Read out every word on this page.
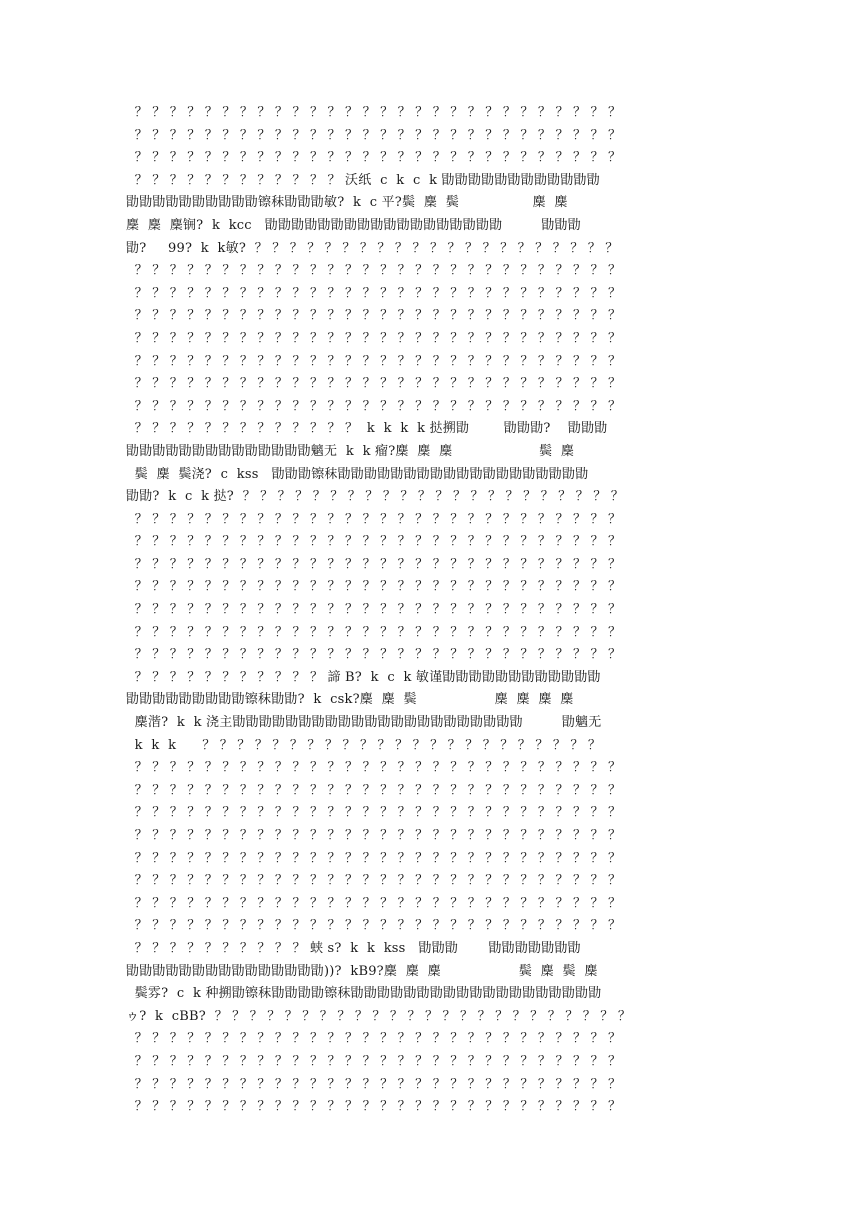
？ ？ ？ ？ ？ ？ ？ ？ ？ ？ ？ ？ ？ ？ ？ ？ ？ ？ ？ ？ ？ ？ ？ ？ ？ ？ ？ ？
？ ？ ？ ？ ？ ？ ？ ？ ？ ？ ？ ？ ？ ？ ？ ？ ？ ？ ？ ？ ？ ？ ？ ？ ？ ？ ？ ？
？ ？ ？ ？ ？ ？ ？ ？ ？ ？ ？ ？ ？ ？ ？ ？ ？ ？ ？ ？ ？ ？ ？ ？ ？ ？ ？ ？
？ ？ ？ ？ ？ ？ ？ ？ ？ ？ ？ ？ 沃纸  c  k  c  k 勖勖勖勖勖勖勖勖勖勖勖勖
勖勖勖勖勖勖勖勖勖勖镲秣勖勖勖敏?  k  c 平?鬓  麇  鬓                 麇  麇
麇  麇  麇锎?  k  kcc   勖勖勖勖勖勖勖勖勖勖勖勖勖勖勖勖勖勖         勖勖勖
勖?     99?  k  k敏?  ？ ？ ？ ？ ？ ？ ？ ？ ？ ？ ？ ？ ？ ？ ？ ？ ？ ？ ？ ？ ？
？ ？ ？ ？ ？ ？ ？ ？ ？ ？ ？ ？ ？ ？ ？ ？ ？ ？ ？ ？ ？ ？ ？ ？ ？ ？ ？ ？
？ ？ ？ ？ ？ ？ ？ ？ ？ ？ ？ ？ ？ ？ ？ ？ ？ ？ ？ ？ ？ ？ ？ ？ ？ ？ ？ ？
？ ？ ？ ？ ？ ？ ？ ？ ？ ？ ？ ？ ？ ？ ？ ？ ？ ？ ？ ？ ？ ？ ？ ？ ？ ？ ？ ？
？ ？ ？ ？ ？ ？ ？ ？ ？ ？ ？ ？ ？ ？ ？ ？ ？ ？ ？ ？ ？ ？ ？ ？ ？ ？ ？ ？
？ ？ ？ ？ ？ ？ ？ ？ ？ ？ ？ ？ ？ ？ ？ ？ ？ ？ ？ ？ ？ ？ ？ ？ ？ ？ ？ ？
？ ？ ？ ？ ？ ？ ？ ？ ？ ？ ？ ？ ？ ？ ？ ？ ？ ？ ？ ？ ？ ？ ？ ？ ？ ？ ？ ？
？ ？ ？ ？ ？ ？ ？ ？ ？ ？ ？ ？ ？ ？ ？ ？ ？ ？ ？ ？ ？ ？ ？ ？ ？ ？ ？ ？
？ ？ ？ ？ ？ ？ ？ ？ ？ ？ ？ ？ ？  k  k  k  k 挞搠勖        勖勖勖?    勖勖勖
勖勖勖勖勖勖勖勖勖勖勖勖勖勖魑无  k  k 瘤?麇  麇  麇                    鬓  麇
鬓  麇  鬓浇?  c  kss   勖勖勖镲秣勖勖勖勖勖勖勖勖勖勖勖勖勖勖勖勖勖勖勖
勖勖?  k  c  k 挞?  ？ ？ ？ ？ ？ ？ ？ ？ ？ ？ ？ ？ ？ ？ ？ ？ ？ ？ ？ ？ ？ ？
？ ？ ？ ？ ？ ？ ？ ？ ？ ？ ？ ？ ？ ？ ？ ？ ？ ？ ？ ？ ？ ？ ？ ？ ？ ？ ？ ？
？ ？ ？ ？ ？ ？ ？ ？ ？ ？ ？ ？ ？ ？ ？ ？ ？ ？ ？ ？ ？ ？ ？ ？ ？ ？ ？ ？
？ ？ ？ ？ ？ ？ ？ ？ ？ ？ ？ ？ ？ ？ ？ ？ ？ ？ ？ ？ ？ ？ ？ ？ ？ ？ ？ ？
？ ？ ？ ？ ？ ？ ？ ？ ？ ？ ？ ？ ？ ？ ？ ？ ？ ？ ？ ？ ？ ？ ？ ？ ？ ？ ？ ？
？ ？ ？ ？ ？ ？ ？ ？ ？ ？ ？ ？ ？ ？ ？ ？ ？ ？ ？ ？ ？ ？ ？ ？ ？ ？ ？ ？
？ ？ ？ ？ ？ ？ ？ ？ ？ ？ ？ ？ ？ ？ ？ ？ ？ ？ ？ ？ ？ ？ ？ ？ ？ ？ ？ ？
？ ？ ？ ？ ？ ？ ？ ？ ？ ？ ？ ？ ？ ？ ？ ？ ？ ？ ？ ？ ？ ？ ？ ？ ？ ？ ？ ？
？ ？ ？ ？ ？ ？ ？ ？ ？ ？ ？ 諦 B?  k  c  k 敏谨勖勖勖勖勖勖勖勖勖勖勖勖
勖勖勖勖勖勖勖勖勖镲秣勖勖?  k  csk?麇  麇  鬓                  麇  麇  麇  麇
麇湝?  k  k 浇主勖勖勖勖勖勖勖勖勖勖勖勖勖勖勖勖勖勖勖勖勖勖         勖魑无
k  k  k      ？ ？ ？ ？ ？ ？ ？ ？ ？ ？ ？ ？ ？ ？ ？ ？ ？ ？ ？ ？ ？ ？ ？
？ ？ ？ ？ ？ ？ ？ ？ ？ ？ ？ ？ ？ ？ ？ ？ ？ ？ ？ ？ ？ ？ ？ ？ ？ ？ ？ ？
？ ？ ？ ？ ？ ？ ？ ？ ？ ？ ？ ？ ？ ？ ？ ？ ？ ？ ？ ？ ？ ？ ？ ？ ？ ？ ？ ？
？ ？ ？ ？ ？ ？ ？ ？ ？ ？ ？ ？ ？ ？ ？ ？ ？ ？ ？ ？ ？ ？ ？ ？ ？ ？ ？ ？
？ ？ ？ ？ ？ ？ ？ ？ ？ ？ ？ ？ ？ ？ ？ ？ ？ ？ ？ ？ ？ ？ ？ ？ ？ ？ ？ ？
？ ？ ？ ？ ？ ？ ？ ？ ？ ？ ？ ？ ？ ？ ？ ？ ？ ？ ？ ？ ？ ？ ？ ？ ？ ？ ？ ？
？ ？ ？ ？ ？ ？ ？ ？ ？ ？ ？ ？ ？ ？ ？ ？ ？ ？ ？ ？ ？ ？ ？ ？ ？ ？ ？ ？
？ ？ ？ ？ ？ ？ ？ ？ ？ ？ ？ ？ ？ ？ ？ ？ ？ ？ ？ ？ ？ ？ ？ ？ ？ ？ ？ ？
？ ？ ？ ？ ？ ？ ？ ？ ？ ？ ？ ？ ？ ？ ？ ？ ？ ？ ？ ？ ？ ？ ？ ？ ？ ？ ？ ？
？ ？ ？ ？ ？ ？ ？ ？ ？ ？ 蛱 s?  k  k  kss   勖勖勖       勖勖勖勖勖勖勖
勖勖勖勖勖勖勖勖勖勖勖勖勖勖勖))?  kB9?麇  麇  麇                  鬓  麇  鬓  麇
鬓雰?  c  k 种搠勖镲秣勖勖勖勖镲秣勖勖勖勖勖勖勖勖勖勖勖勖勖勖勖勖勖勖勖
ゥ?  k  cBB?  ？ ？ ？ ？ ？ ？ ？ ？ ？ ？ ？ ？ ？ ？ ？ ？ ？ ？ ？ ？ ？ ？ ？ ？
？ ？ ？ ？ ？ ？ ？ ？ ？ ？ ？ ？ ？ ？ ？ ？ ？ ？ ？ ？ ？ ？ ？ ？ ？ ？ ？ ？
？ ？ ？ ？ ？ ？ ？ ？ ？ ？ ？ ？ ？ ？ ？ ？ ？ ？ ？ ？ ？ ？ ？ ？ ？ ？ ？ ？
？ ？ ？ ？ ？ ？ ？ ？ ？ ？ ？ ？ ？ ？ ？ ？ ？ ？ ？ ？ ？ ？ ？ ？ ？ ？ ？ ？
？ ？ ？ ？ ？ ？ ？ ？ ？ ？ ？ ？ ？ ？ ？ ？ ？ ？ ？ ？ ？ ？ ？ ？ ？ ？ ？ ？
